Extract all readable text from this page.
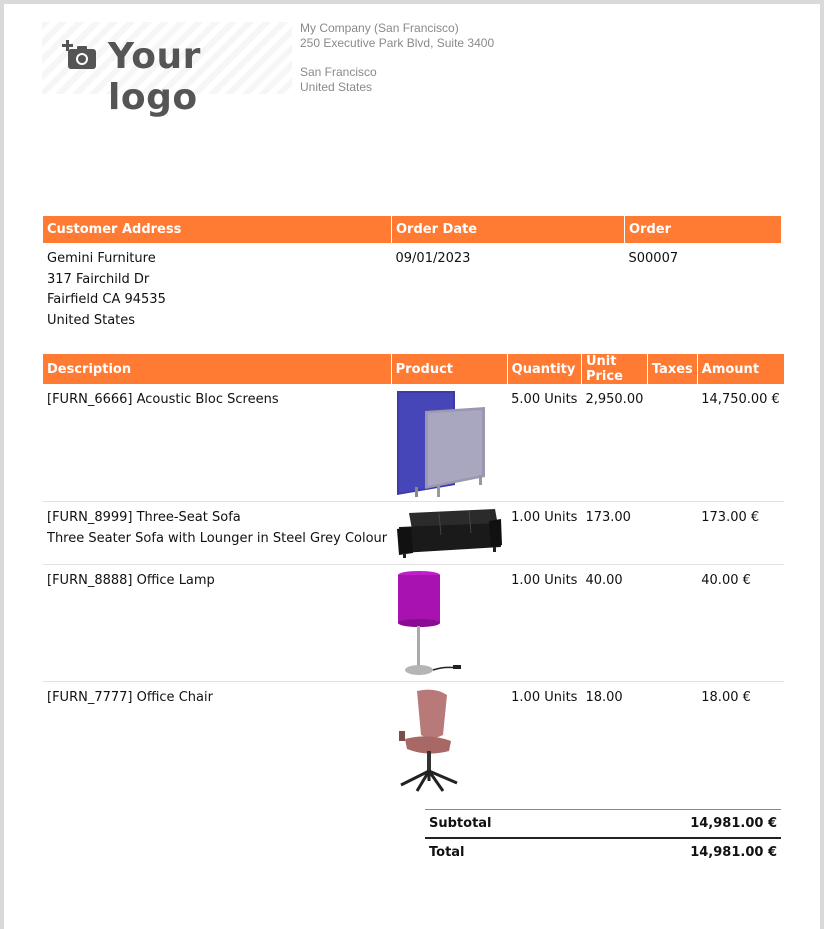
Your logo
My Company (San Francisco)
250 Executive Park Blvd, Suite 3400
San Francisco
United States
Customer Address	Order Date	Order

Gemini Furniture
317 Fairchild Dr
Fairfield CA 94535
United States	09/01/2023	S00007
Description	Product	Quantity	Unit Price	Taxes	Amount
[FURN_6666] Acoustic Bloc Screens		5.00 Units	2,950.00		14,750.00 €

[FURN_8999] Three-Seat Sofa
Three Seater Sofa with Lounger in Steel Grey Colour		1.00 Units	173.00		173.00 €
[FURN_8888] Office Lamp		1.00 Units	40.00		40.00 €
[FURN_7777] Office Chair		1.00 Units	18.00		18.00 €
Subtotal	14,981.00 €
Total	14,981.00 €
